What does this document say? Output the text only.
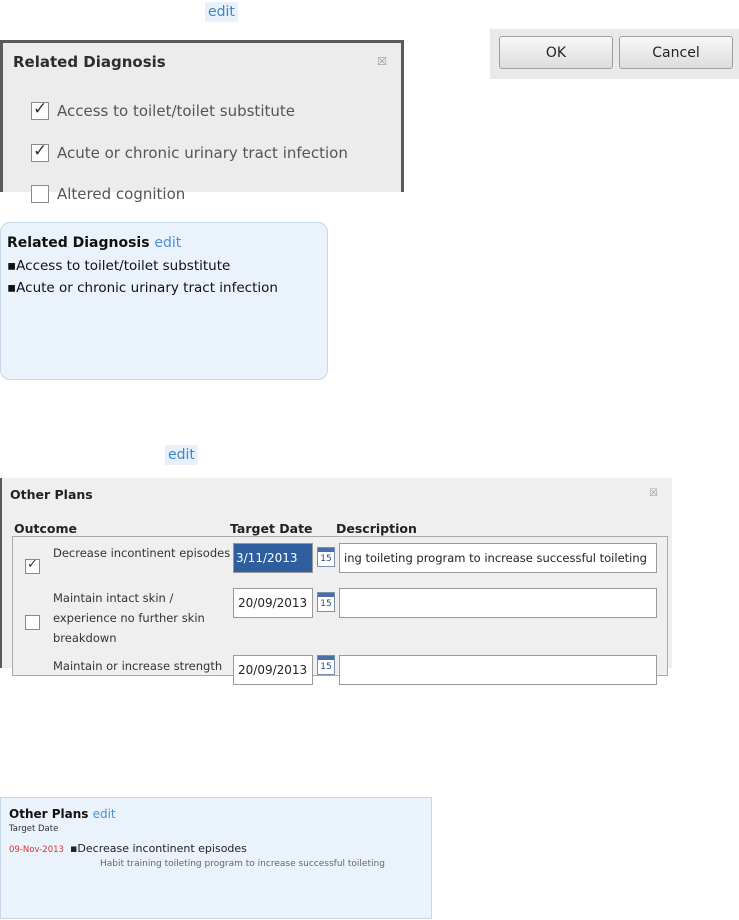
edit
Related Diagnosis	☒
✓
Access to toilet/toilet substitute
✓
Acute or chronic urinary tract infection
Altered cognition
OK	Cancel
Related Diagnosis edit
▪ Access to toilet/toilet substitute
▪ Acute or chronic urinary tract infection
edit
Other Plans	☒
Outcome	Target Date Description
✓
Decrease incontinent episodes 3/11/2013	15	ing toileting program to increase successful toileting
Maintain intact skin / experience no further skin breakdown
20/09/2013	15
Maintain or increase strength	20/09/2013	15
Other Plans edit
Target Date
09-Nov-2013
▪	Decrease incontinent episodes
Habit training toileting program to increase successful toileting
